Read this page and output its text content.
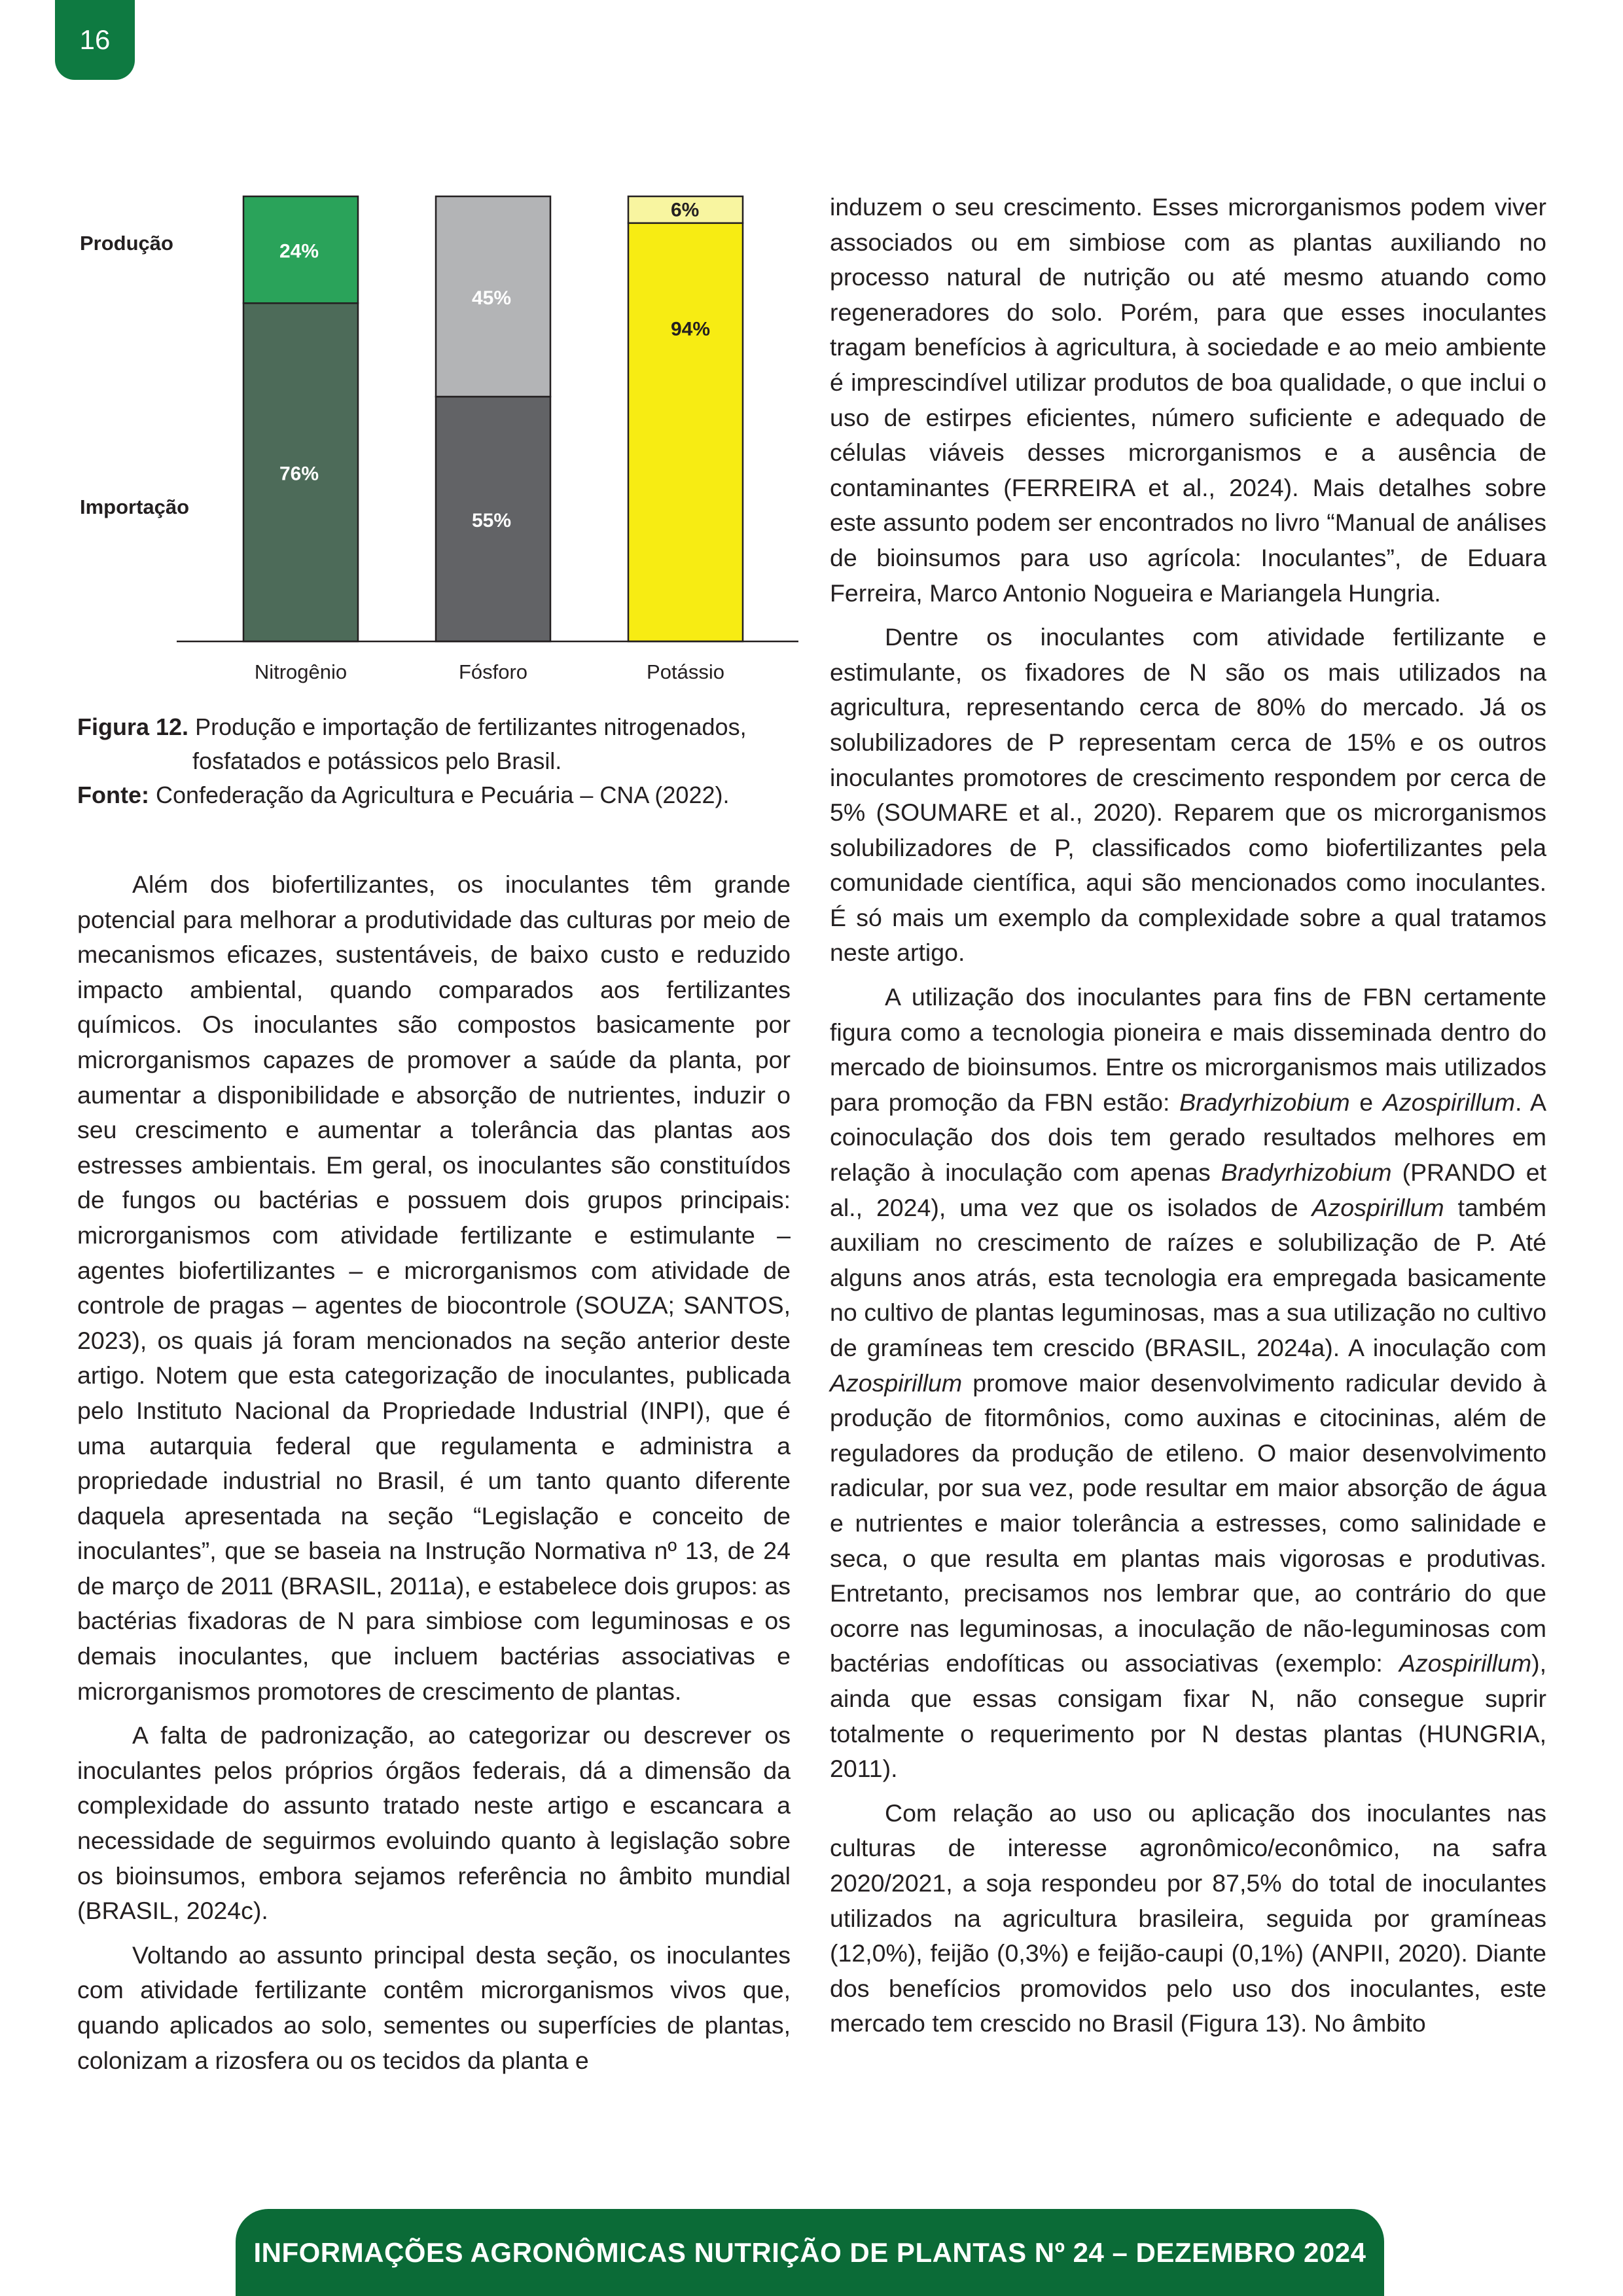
16
76%
24%
Nitrogênio
55%
45%
Fósforo
94%
6%
Potássio
Produção
Importação
Figura 12. Produção e importação de fertilizantes nitrogenados,
fosfatados e potássicos pelo Brasil.
Fonte: Confederação da Agricultura e Pecuária – CNA (2022).

Além dos biofertilizantes, os inoculantes têm grande potencial para melhorar a produtividade das culturas por meio de mecanismos eficazes, sustentáveis, de baixo custo e reduzido impacto ambiental, quando comparados aos fertilizantes químicos. Os inoculantes são compostos basicamente por microrganismos capazes de promover a saúde da planta, por aumentar a disponibilidade e absorção de nutrientes, induzir o seu crescimento e aumentar a tolerância das plantas aos estresses ambientais. Em geral, os inoculantes são constituídos de fungos ou bactérias e possuem dois grupos principais: microrganismos com atividade fertilizante e estimulante – agentes biofertilizantes – e microrganismos com atividade de controle de pragas – agentes de biocontrole (SOUZA; SANTOS, 2023), os quais já foram mencionados na seção anterior deste artigo. Notem que esta categorização de inoculantes, publicada pelo Instituto Nacional da Propriedade Industrial (INPI), que é uma autarquia federal que regulamenta e administra a propriedade industrial no Brasil, é um tanto quanto diferente daquela apresentada na seção “Legislação e conceito de inoculantes”, que se baseia na Instrução Normativa nº 13, de 24 de março de 2011 (BRASIL, 2011a), e estabelece dois grupos: as bactérias fixadoras de N para simbiose com leguminosas e os demais inoculantes, que incluem bactérias associativas e microrganismos promotores de crescimento de plantas.

A falta de padronização, ao categorizar ou descrever os inoculantes pelos próprios órgãos federais, dá a dimensão da complexidade do assunto tratado neste artigo e escancara a necessidade de seguirmos evoluindo quanto à legislação sobre os bioinsumos, embora sejamos referência no âmbito mundial (BRASIL, 2024c).

Voltando ao assunto principal desta seção, os inoculantes com atividade fertilizante contêm microrganismos vivos que, quando aplicados ao solo, sementes ou superfícies de plantas, colonizam a rizosfera ou os tecidos da planta e

induzem o seu crescimento. Esses microrganismos podem viver associados ou em simbiose com as plantas auxiliando no processo natural de nutrição ou até mesmo atuando como regeneradores do solo. Porém, para que esses inoculantes tragam benefícios à agricultura, à sociedade e ao meio ambiente é imprescindível utilizar produtos de boa qualidade, o que inclui o uso de estirpes eficientes, número suficiente e adequado de células viáveis desses microrganismos e a ausência de contaminantes (FERREIRA et al., 2024). Mais detalhes sobre este assunto podem ser encontrados no livro “Manual de análises de bioinsumos para uso agrícola: Inoculantes”, de Eduara Ferreira, Marco Antonio Nogueira e Mariangela Hungria.

Dentre os inoculantes com atividade fertilizante e estimulante, os fixadores de N são os mais utilizados na agricultura, representando cerca de 80% do mercado. Já os solubilizadores de P representam cerca de 15% e os outros inoculantes promotores de crescimento respondem por cerca de 5% (SOUMARE et al., 2020). Reparem que os microrganismos solubilizadores de P, classificados como biofertilizantes pela comunidade científica, aqui são mencionados como inoculantes. É só mais um exemplo da complexidade sobre a qual tratamos neste artigo.

A utilização dos inoculantes para fins de FBN certamente figura como a tecnologia pioneira e mais disseminada dentro do mercado de bioinsumos. Entre os microrganismos mais utilizados para promoção da FBN estão: Bradyrhizobium e Azospirillum. A coinoculação dos dois tem gerado resultados melhores em relação à inoculação com apenas Bradyrhizobium (PRANDO et al., 2024), uma vez que os isolados de Azospirillum também auxiliam no crescimento de raízes e solubilização de P. Até alguns anos atrás, esta tecnologia era empregada basicamente no cultivo de plantas leguminosas, mas a sua utilização no cultivo de gramíneas tem crescido (BRASIL, 2024a). A inoculação com Azospirillum promove maior desenvolvimento radicular devido à produção de fitormônios, como auxinas e citocininas, além de reguladores da produção de etileno. O maior desenvolvimento radicular, por sua vez, pode resultar em maior absorção de água e nutrientes e maior tolerância a estresses, como salinidade e seca, o que resulta em plantas mais vigorosas e produtivas. Entretanto, precisamos nos lembrar que, ao contrário do que ocorre nas leguminosas, a inoculação de não-leguminosas com bactérias endofíticas ou associativas (exemplo: Azospirillum), ainda que essas consigam fixar N, não consegue suprir totalmente o requerimento por N destas plantas (HUNGRIA, 2011).

Com relação ao uso ou aplicação dos inoculantes nas culturas de interesse agronômico/econômico, na safra 2020/2021, a soja respondeu por 87,5% do total de inoculantes utilizados na agricultura brasileira, seguida por gramíneas (12,0%), feijão (0,3%) e feijão-caupi (0,1%) (ANPII, 2020). Diante dos benefícios promovidos pelo uso dos inoculantes, este mercado tem crescido no Brasil (Figura 13). No âmbito

INFORMAÇÕES AGRONÔMICAS NUTRIÇÃO DE PLANTAS Nº 24 – DEZEMBRO 2024
